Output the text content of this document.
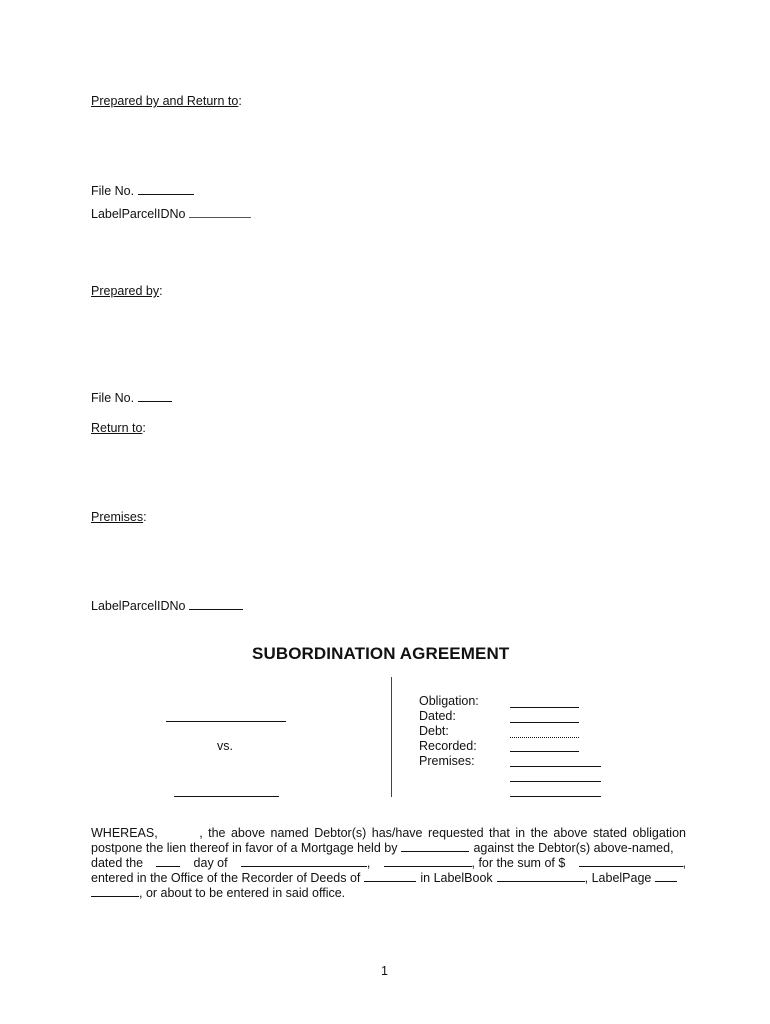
Prepared by and Return to:
File No.
LabelParcelIDNo
Prepared by:
File No.
Return to:
Premises:
LabelParcelIDNo
SUBORDINATION AGREEMENT
vs.
Obligation:
Dated:
Debt:
Recorded:
Premises:
WHEREAS,	, the above named Debtor(s) has/have requested that in the above stated obligation
postpone the lien thereof in favor of a Mortgage held by	against the Debtor(s) above-named,
dated the	day of	,	, for the sum of $	,
entered in the Office of the Recorder of Deeds of	in LabelBook	, LabelPage
, or about to be entered in said office.
1
